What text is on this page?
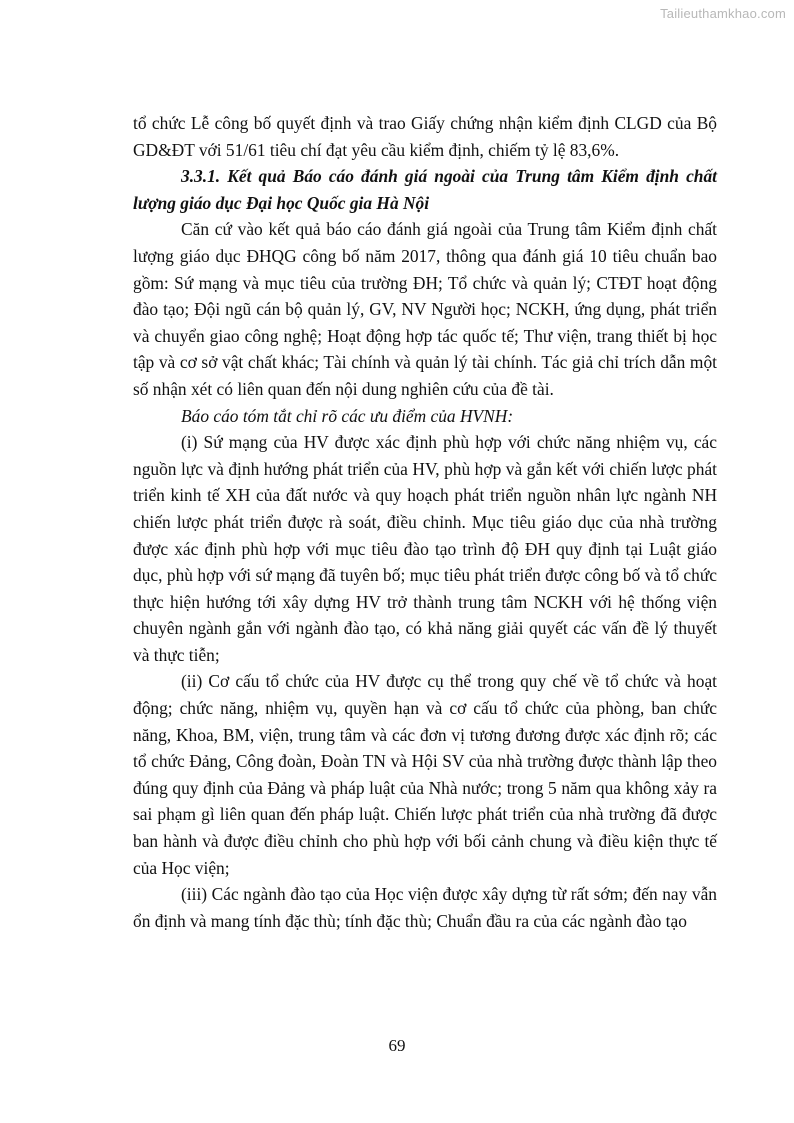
Tailieuthamkhao.com

tổ chức Lễ công bố quyết định và trao Giấy chứng nhận kiểm định CLGD của Bộ GD&ĐT với 51/61 tiêu chí đạt yêu cầu kiểm định, chiếm tỷ lệ 83,6%.

3.3.1. Kết quả Báo cáo đánh giá ngoài của Trung tâm Kiểm định chất lượng giáo dục Đại học Quốc gia Hà Nội

Căn cứ vào kết quả báo cáo đánh giá ngoài của Trung tâm Kiểm định chất lượng giáo dục ĐHQG công bố năm 2017, thông qua đánh giá 10 tiêu chuẩn bao gồm: Sứ mạng và mục tiêu của trường ĐH; Tổ chức và quản lý; CTĐT hoạt động đào tạo; Đội ngũ cán bộ quản lý, GV, NV Người học; NCKH, ứng dụng, phát triển và chuyển giao công nghệ; Hoạt động hợp tác quốc tế; Thư viện, trang thiết bị học tập và cơ sở vật chất khác; Tài chính và quản lý tài chính. Tác giả chỉ trích dẫn một số nhận xét có liên quan đến nội dung nghiên cứu của đề tài.

Báo cáo tóm tắt chỉ rõ các ưu điểm của HVNH:

(i) Sứ mạng của HV được xác định phù hợp với chức năng nhiệm vụ, các nguồn lực và định hướng phát triển của HV, phù hợp và gắn kết với chiến lược phát triển kinh tế XH của đất nước và quy hoạch phát triển nguồn nhân lực ngành NH chiến lược phát triển được rà soát, điều chỉnh. Mục tiêu giáo dục của nhà trường được xác định phù hợp với mục tiêu đào tạo trình độ ĐH quy định tại Luật giáo dục, phù hợp với sứ mạng đã tuyên bố; mục tiêu phát triển được công bố và tổ chức thực hiện hướng tới xây dựng HV trở thành trung tâm NCKH với hệ thống viện chuyên ngành gắn với ngành đào tạo, có khả năng giải quyết các vấn đề lý thuyết và thực tiễn;

(ii) Cơ cấu tổ chức của HV được cụ thể trong quy chế về tổ chức và hoạt động; chức năng, nhiệm vụ, quyền hạn và cơ cấu tổ chức của phòng, ban chức năng, Khoa, BM, viện, trung tâm và các đơn vị tương đương được xác định rõ; các tổ chức Đảng, Công đoàn, Đoàn TN và Hội SV của nhà trường được thành lập theo đúng quy định của Đảng và pháp luật của Nhà nước; trong 5 năm qua không xảy ra sai phạm gì liên quan đến pháp luật. Chiến lược phát triển của nhà trường đã được ban hành và được điều chỉnh cho phù hợp với bối cảnh chung và điều kiện thực tế của Học viện;

(iii) Các ngành đào tạo của Học viện được xây dựng từ rất sớm; đến nay vẫn ổn định và mang tính đặc thù; tính đặc thù; Chuẩn đầu ra của các ngành đào tạo

69
